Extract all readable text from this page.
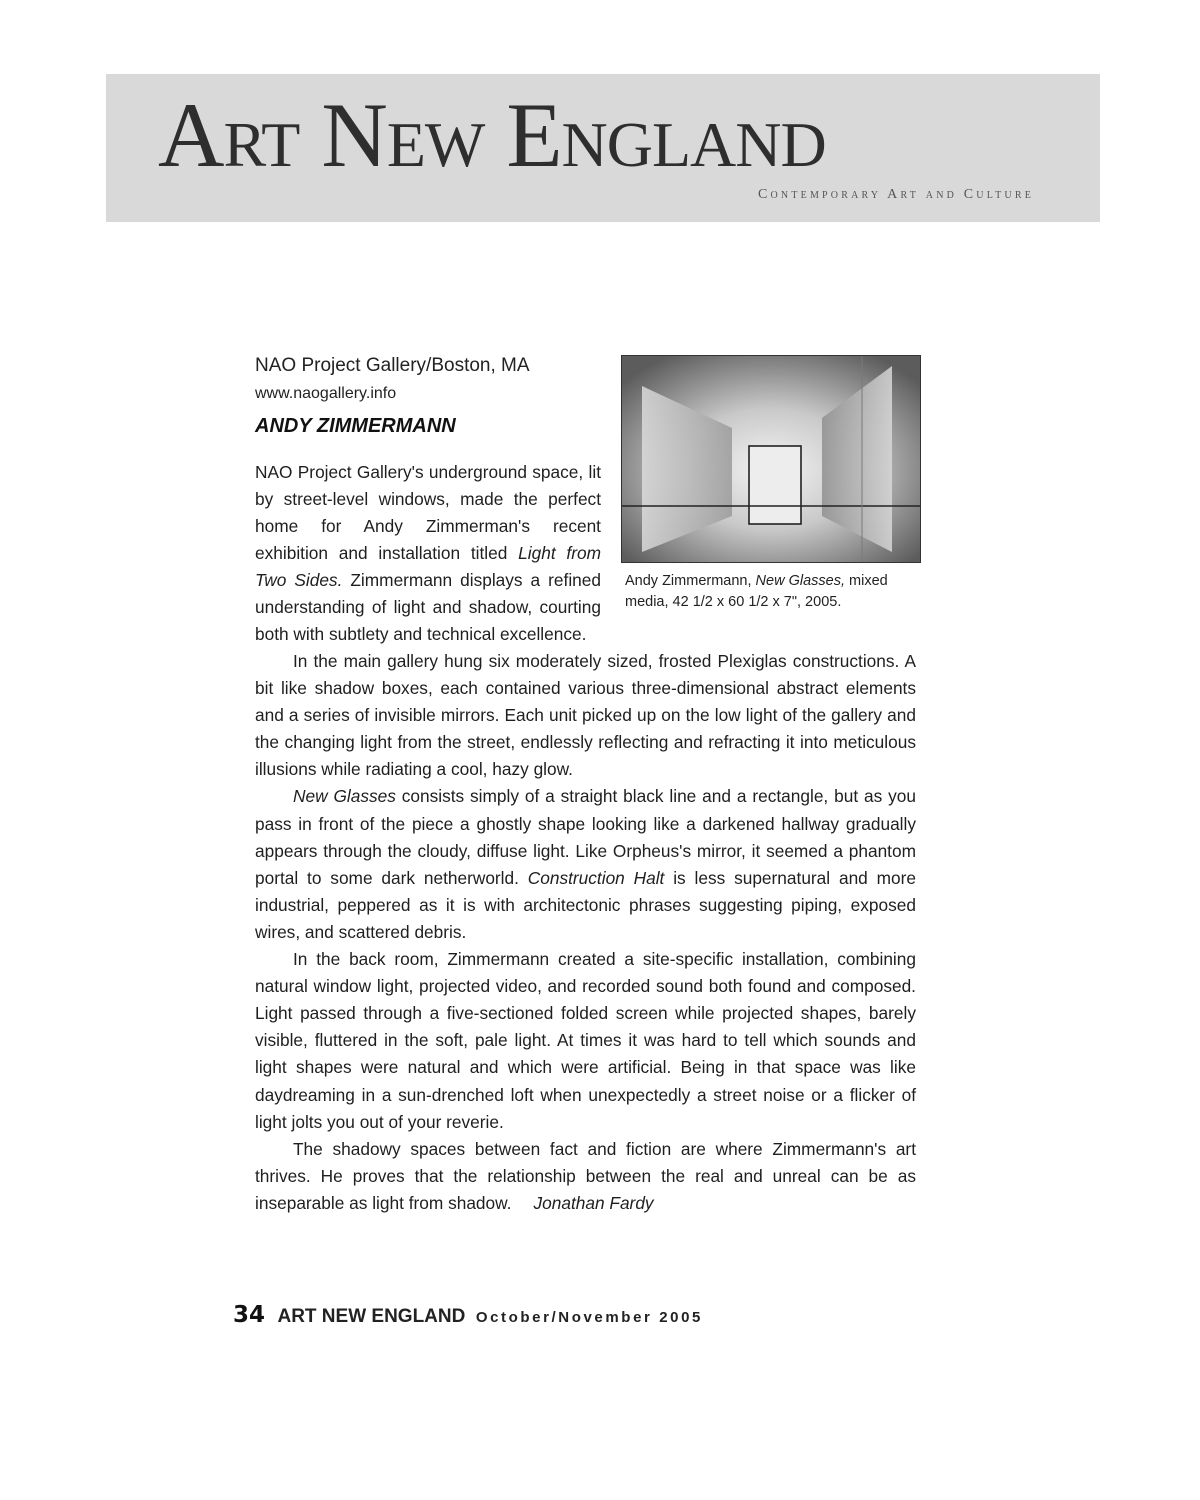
Art New England
Contemporary Art and Culture
NAO Project Gallery/Boston, MA
www.naogallery.info
ANDY ZIMMERMANN
Andy Zimmermann, New Glasses, mixed media, 42 1/2 x 60 1/2 x 7", 2005.

NAO Project Gallery's underground space, lit by street-level windows, made the perfect home for Andy Zimmerman's recent exhibition and installation titled Light from Two Sides. Zimmermann displays a refined understanding of light and shadow, courting both with subtlety and technical excellence.

In the main gallery hung six moderately sized, frosted Plexiglas constructions. A bit like shadow boxes, each contained various three-dimensional abstract elements and a series of invisible mirrors. Each unit picked up on the low light of the gallery and the changing light from the street, endlessly reflecting and refracting it into meticulous illusions while radiating a cool, hazy glow.

New Glasses consists simply of a straight black line and a rectangle, but as you pass in front of the piece a ghostly shape looking like a darkened hallway gradually appears through the cloudy, diffuse light. Like Orpheus's mirror, it seemed a phantom portal to some dark netherworld. Construction Halt is less supernatural and more industrial, peppered as it is with architectonic phrases suggesting piping, exposed wires, and scattered debris.

In the back room, Zimmermann created a site-specific installation, combining natural window light, projected video, and recorded sound both found and composed. Light passed through a five-sectioned folded screen while projected shapes, barely visible, fluttered in the soft, pale light. At times it was hard to tell which sounds and light shapes were natural and which were artificial. Being in that space was like daydreaming in a sun-drenched loft when unexpectedly a street noise or a flicker of light jolts you out of your reverie.

The shadowy spaces between fact and fiction are where Zimmermann's art thrives. He proves that the relationship between the real and unreal can be as inseparable as light from shadow. Jonathan Fardy

34 ART NEW ENGLAND October/November 2005
